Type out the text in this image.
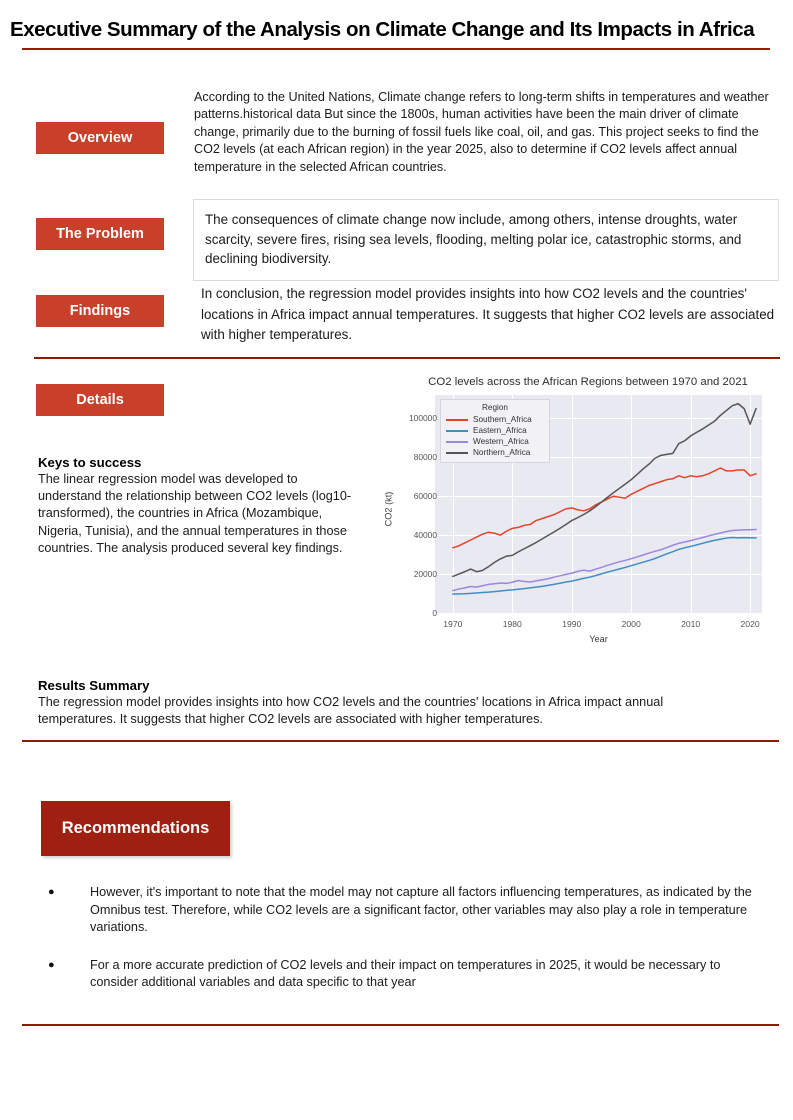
Executive Summary of the Analysis on Climate Change and Its Impacts in Africa
Overview
According to the United Nations, Climate change refers to long-term shifts in temperatures and weather patterns.historical data But since the 1800s, human activities have been the main driver of climate change, primarily due to the burning of fossil fuels like coal, oil, and gas. This project seeks to find the CO2 levels (at each African region) in the year 2025, also to determine if CO2 levels affect annual temperature in the selected African countries.
The Problem
The consequences of climate change now include, among others, intense droughts, water scarcity, severe fires, rising sea levels, flooding, melting polar ice, catastrophic storms, and declining biodiversity.
Findings
In conclusion, the regression model provides insights into how CO2 levels and the countries' locations in Africa impact annual temperatures. It suggests that higher CO2 levels are associated with higher temperatures.
Details
Keys to success
The linear regression model was developed to understand the relationship between CO2 levels (log10-transformed), the countries in Africa (Mozambique, Nigeria, Tunisia), and the annual temperatures in those countries. The analysis produced several key findings.
CO2 levels across the African Regions between 1970 and 2021
CO2 (kt)
Year
0
20000
40000
60000
80000
100000
1970	1980	1990	2000	2010	2020
Region
Southern_Africa
Eastern_Africa
Western_Africa
Northern_Africa
Results Summary
The regression model provides insights into how CO2 levels and the countries' locations in Africa impact annual temperatures. It suggests that higher CO2 levels are associated with higher temperatures.
Recommendations
●	However, it's important to note that the model may not capture all factors influencing temperatures, as indicated by the Omnibus test. Therefore, while CO2 levels are a significant factor, other variables may also play a role in temperature variations.
●	For a more accurate prediction of CO2 levels and their impact on temperatures in 2025, it would be necessary to consider additional variables and data specific to that year
